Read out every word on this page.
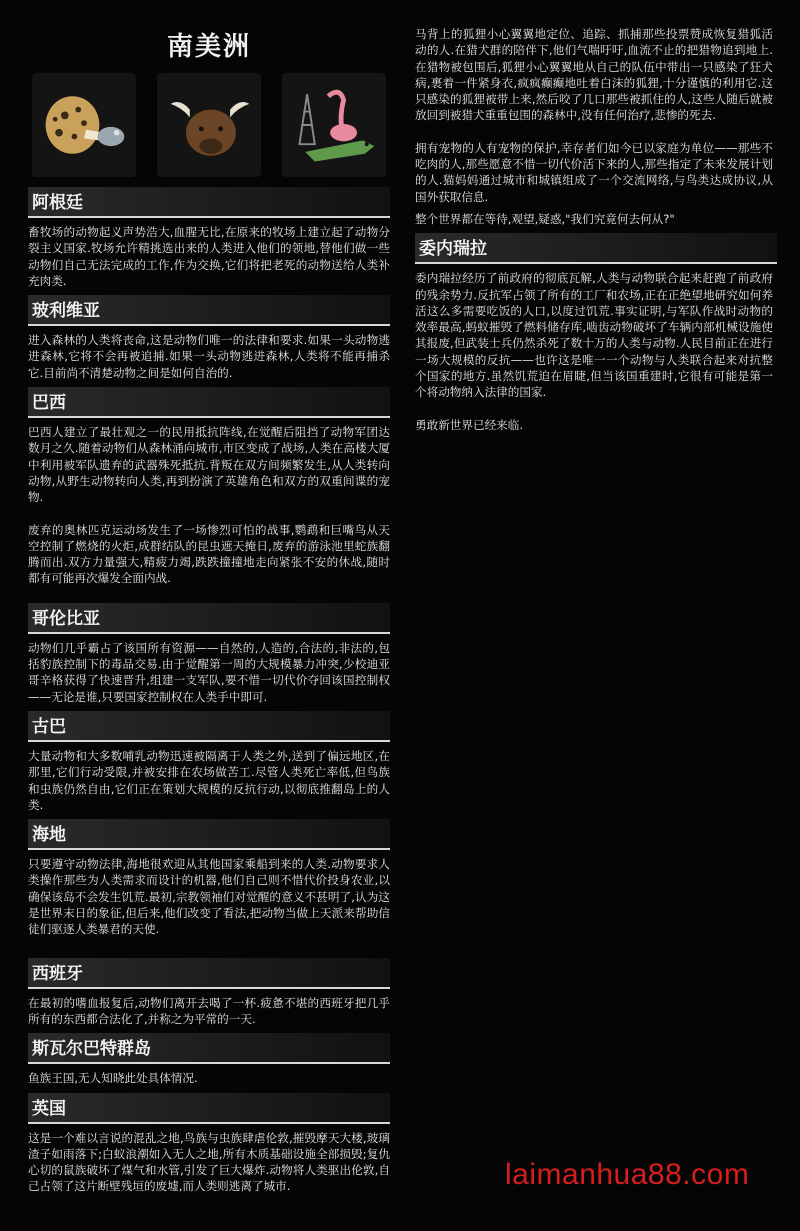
南美洲
阿根廷

畜牧场的动物起义声势浩大,血腥无比,在原来的牧场上建立起了动物分裂主义国家.牧场允许精挑选出来的人类进入他们的领地,替他们做一些动物们自己无法完成的工作,作为交换,它们将把老死的动物送给人类补充肉类.

玻利维亚

进入森林的人类将丧命,这是动物们唯一的法律和要求.如果一头动物逃进森林,它将不会再被追捕.如果一头动物逃进森林,人类将不能再捕杀它.目前尚不清楚动物之间是如何自治的.

巴西

巴西人建立了最壮观之一的民用抵抗阵线,在觉醒后阻挡了动物军团达数月之久.随着动物们从森林涌向城市,市区变成了战场,人类在高楼大厦中利用被军队遗弃的武器殊死抵抗.背叛在双方间频繁发生,从人类转向动物,从野生动物转向人类,再到扮演了英雄角色和双方的双重间谍的宠物.

废弃的奥林匹克运动场发生了一场惨烈可怕的战事,鹦鹉和巨嘴鸟从天空控制了燃烧的火炬,成群结队的昆虫遮天掩日,废弃的游泳池里蛇族翻腾而出.双方力量强大,精疲力竭,跌跌撞撞地走向紧张不安的休战,随时都有可能再次爆发全面内战.

哥伦比亚

动物们几乎霸占了该国所有资源——自然的,人造的,合法的,非法的,包括豹族控制下的毒品交易.由于觉醒第一周的大规模暴力冲突,少校迪亚哥辛格获得了快速晋升,组建一支军队,要不惜一切代价夺回该国控制权——无论是谁,只要国家控制权在人类手中即可.

古巴

大量动物和大多数哺乳动物迅速被隔离于人类之外,送到了偏远地区,在那里,它们行动受限,并被安排在农场做苦工.尽管人类死亡率低,但鸟族和虫族仍然自由,它们正在策划大规模的反抗行动,以彻底推翻岛上的人类.

海地

只要遵守动物法律,海地很欢迎从其他国家乘船到来的人类.动物要求人类操作那些为人类需求而设计的机器,他们自己则不惜代价投身农业,以确保该岛不会发生饥荒.最初,宗教领袖们对觉醒的意义不甚明了,认为这是世界末日的象征,但后来,他们改变了看法,把动物当做上天派来帮助信徒们驱逐人类暴君的天使.

西班牙

在最初的嗜血报复后,动物们离开去喝了一杯.疲惫不堪的西班牙把几乎所有的东西都合法化了,并称之为平常的一天.

斯瓦尔巴特群岛

鱼族王国,无人知晓此处具体情况.

英国

这是一个难以言说的混乱之地,鸟族与虫族肆虐伦敦,摧毁摩天大楼,玻璃渣子如雨落下;白蚁浪潮如入无人之地,所有木质基础设施全部损毁;复仇心切的鼠族破坏了煤气和水管,引发了巨大爆炸.动物将人类驱出伦敦,自己占领了这片断壁残垣的废墟,而人类则逃离了城市.

马背上的狐狸小心翼翼地定位、追踪、抓捕那些投票赞成恢复猎狐活动的人.在猎犬群的陪伴下,他们气喘吁吁,血流不止的把猎物追到地上.在猎物被包围后,狐狸小心翼翼地从自己的队伍中带出一只感染了狂犬病,裹着一件紧身衣,疯疯癫癫地吐着白沫的狐狸,十分谨慎的利用它.这只感染的狐狸被带上来,然后咬了几口那些被抓住的人,这些人随后就被放回到被猎犬重重包围的森林中,没有任何治疗,悲惨的死去.

拥有宠物的人有宠物的保护,幸存者们如今已以家庭为单位——那些不吃肉的人,那些愿意不惜一切代价活下来的人,那些指定了未来发展计划的人.猫妈妈通过城市和城镇组成了一个交流网络,与鸟类达成协议,从国外获取信息.

整个世界都在等待,观望,疑惑,"我们究竟何去何从?"

委内瑞拉

委内瑞拉经历了前政府的彻底瓦解,人类与动物联合起来赶跑了前政府的残余势力.反抗军占领了所有的工厂和农场,正在正绝望地研究如何养活这么多需要吃饭的人口,以度过饥荒.事实证明,与军队作战时动物的效率最高,蚂蚁摧毁了燃料储存库,啮齿动物破坏了车辆内部机械设施使其报废,但武装士兵仍然杀死了数十万的人类与动物.人民目前正在进行一场大规模的反抗——也许这是唯一一个动物与人类联合起来对抗整个国家的地方.虽然饥荒迫在眉睫,但当该国重建时,它很有可能是第一个将动物纳入法律的国家.

勇敢新世界已经来临.

laimanhua88.com
